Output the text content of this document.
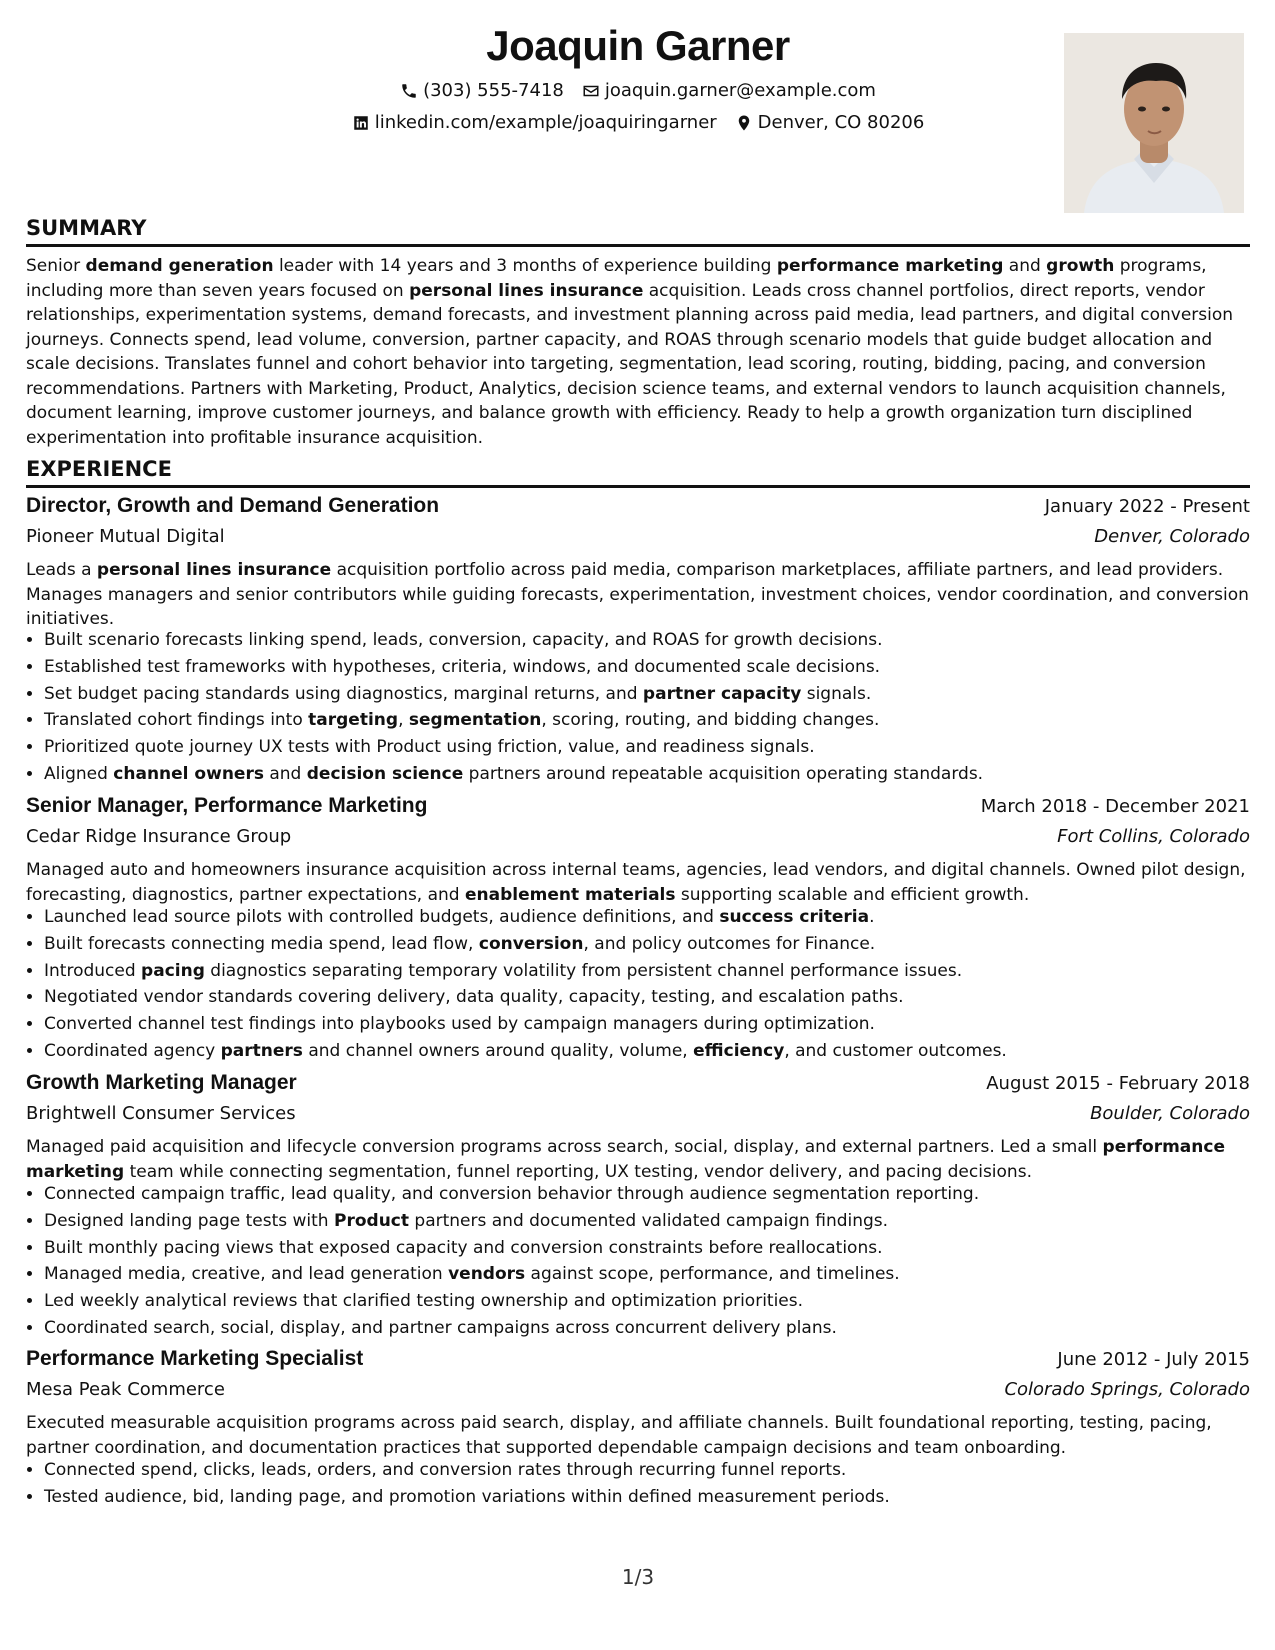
Joaquin Garner
(303) 555-7418 joaquin.garner@example.com
linkedin.com/example/joaquiringarner Denver, CO 80206
SUMMARY
Senior demand generation leader with 14 years and 3 months of experience building performance marketing and growth programs, including more than seven years focused on personal lines insurance acquisition. Leads cross channel portfolios, direct reports, vendor relationships, experimentation systems, demand forecasts, and investment planning across paid media, lead partners, and digital conversion journeys. Connects spend, lead volume, conversion, partner capacity, and ROAS through scenario models that guide budget allocation and scale decisions. Translates funnel and cohort behavior into targeting, segmentation, lead scoring, routing, bidding, pacing, and conversion recommendations. Partners with Marketing, Product, Analytics, decision science teams, and external vendors to launch acquisition channels, document learning, improve customer journeys, and balance growth with efficiency. Ready to help a growth organization turn disciplined experimentation into profitable insurance acquisition.
EXPERIENCE
Director, Growth and Demand Generation	January 2022 - Present
Pioneer Mutual Digital	Denver, Colorado
Leads a personal lines insurance acquisition portfolio across paid media, comparison marketplaces, affiliate partners, and lead providers. Manages managers and senior contributors while guiding forecasts, experimentation, investment choices, vendor coordination, and conversion initiatives.
• Built scenario forecasts linking spend, leads, conversion, capacity, and ROAS for growth decisions.
• Established test frameworks with hypotheses, criteria, windows, and documented scale decisions.
• Set budget pacing standards using diagnostics, marginal returns, and partner capacity signals.
• Translated cohort findings into targeting, segmentation, scoring, routing, and bidding changes.
• Prioritized quote journey UX tests with Product using friction, value, and readiness signals.
• Aligned channel owners and decision science partners around repeatable acquisition operating standards.
Senior Manager, Performance Marketing	March 2018 - December 2021
Cedar Ridge Insurance Group	Fort Collins, Colorado
Managed auto and homeowners insurance acquisition across internal teams, agencies, lead vendors, and digital channels. Owned pilot design, forecasting, diagnostics, partner expectations, and enablement materials supporting scalable and efficient growth.
• Launched lead source pilots with controlled budgets, audience definitions, and success criteria.
• Built forecasts connecting media spend, lead flow, conversion, and policy outcomes for Finance.
• Introduced pacing diagnostics separating temporary volatility from persistent channel performance issues.
• Negotiated vendor standards covering delivery, data quality, capacity, testing, and escalation paths.
• Converted channel test findings into playbooks used by campaign managers during optimization.
• Coordinated agency partners and channel owners around quality, volume, efficiency, and customer outcomes.
Growth Marketing Manager	August 2015 - February 2018
Brightwell Consumer Services	Boulder, Colorado
Managed paid acquisition and lifecycle conversion programs across search, social, display, and external partners. Led a small performance marketing team while connecting segmentation, funnel reporting, UX testing, vendor delivery, and pacing decisions.
• Connected campaign traffic, lead quality, and conversion behavior through audience segmentation reporting.
• Designed landing page tests with Product partners and documented validated campaign findings.
• Built monthly pacing views that exposed capacity and conversion constraints before reallocations.
• Managed media, creative, and lead generation vendors against scope, performance, and timelines.
• Led weekly analytical reviews that clarified testing ownership and optimization priorities.
• Coordinated search, social, display, and partner campaigns across concurrent delivery plans.
Performance Marketing Specialist	June 2012 - July 2015
Mesa Peak Commerce	Colorado Springs, Colorado
Executed measurable acquisition programs across paid search, display, and affiliate channels. Built foundational reporting, testing, pacing, partner coordination, and documentation practices that supported dependable campaign decisions and team onboarding.
• Connected spend, clicks, leads, orders, and conversion rates through recurring funnel reports.
• Tested audience, bid, landing page, and promotion variations within defined measurement periods.
1/3
